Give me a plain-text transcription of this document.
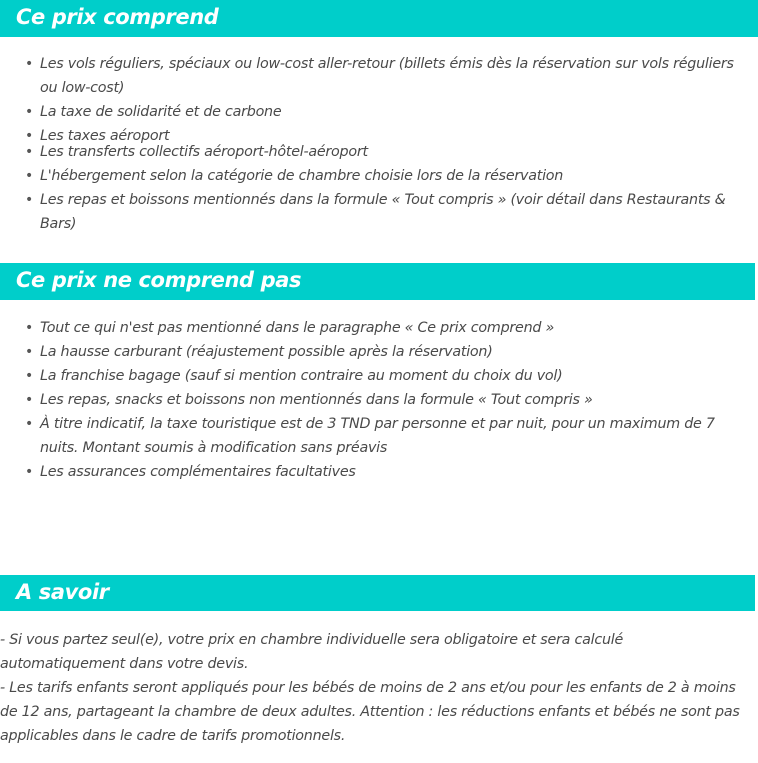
Ce prix comprend
• Les vols réguliers, spéciaux ou low-cost aller-retour (billets émis dès la réservation sur vols réguliers ou low-cost)
• La taxe de solidarité et de carbone
• Les taxes aéroport
• Les transferts collectifs aéroport-hôtel-aéroport
• L'hébergement selon la catégorie de chambre choisie lors de la réservation
• Les repas et boissons mentionnés dans la formule « Tout compris » (voir détail dans Restaurants & Bars)
Ce prix ne comprend pas
• Tout ce qui n'est pas mentionné dans le paragraphe « Ce prix comprend »
• La hausse carburant (réajustement possible après la réservation)
• La franchise bagage (sauf si mention contraire au moment du choix du vol)
• Les repas, snacks et boissons non mentionnés dans la formule « Tout compris »
• À titre indicatif, la taxe touristique est de 3 TND par personne et par nuit, pour un maximum de 7 nuits. Montant soumis à modification sans préavis
• Les assurances complémentaires facultatives
A savoir

- Si vous partez seul(e), votre prix en chambre individuelle sera obligatoire et sera calculé automatiquement dans votre devis.

- Les tarifs enfants seront appliqués pour les bébés de moins de 2 ans et/ou pour les enfants de 2 à moins de 12 ans, partageant la chambre de deux adultes. Attention : les réductions enfants et bébés ne sont pas applicables dans le cadre de tarifs promotionnels.
